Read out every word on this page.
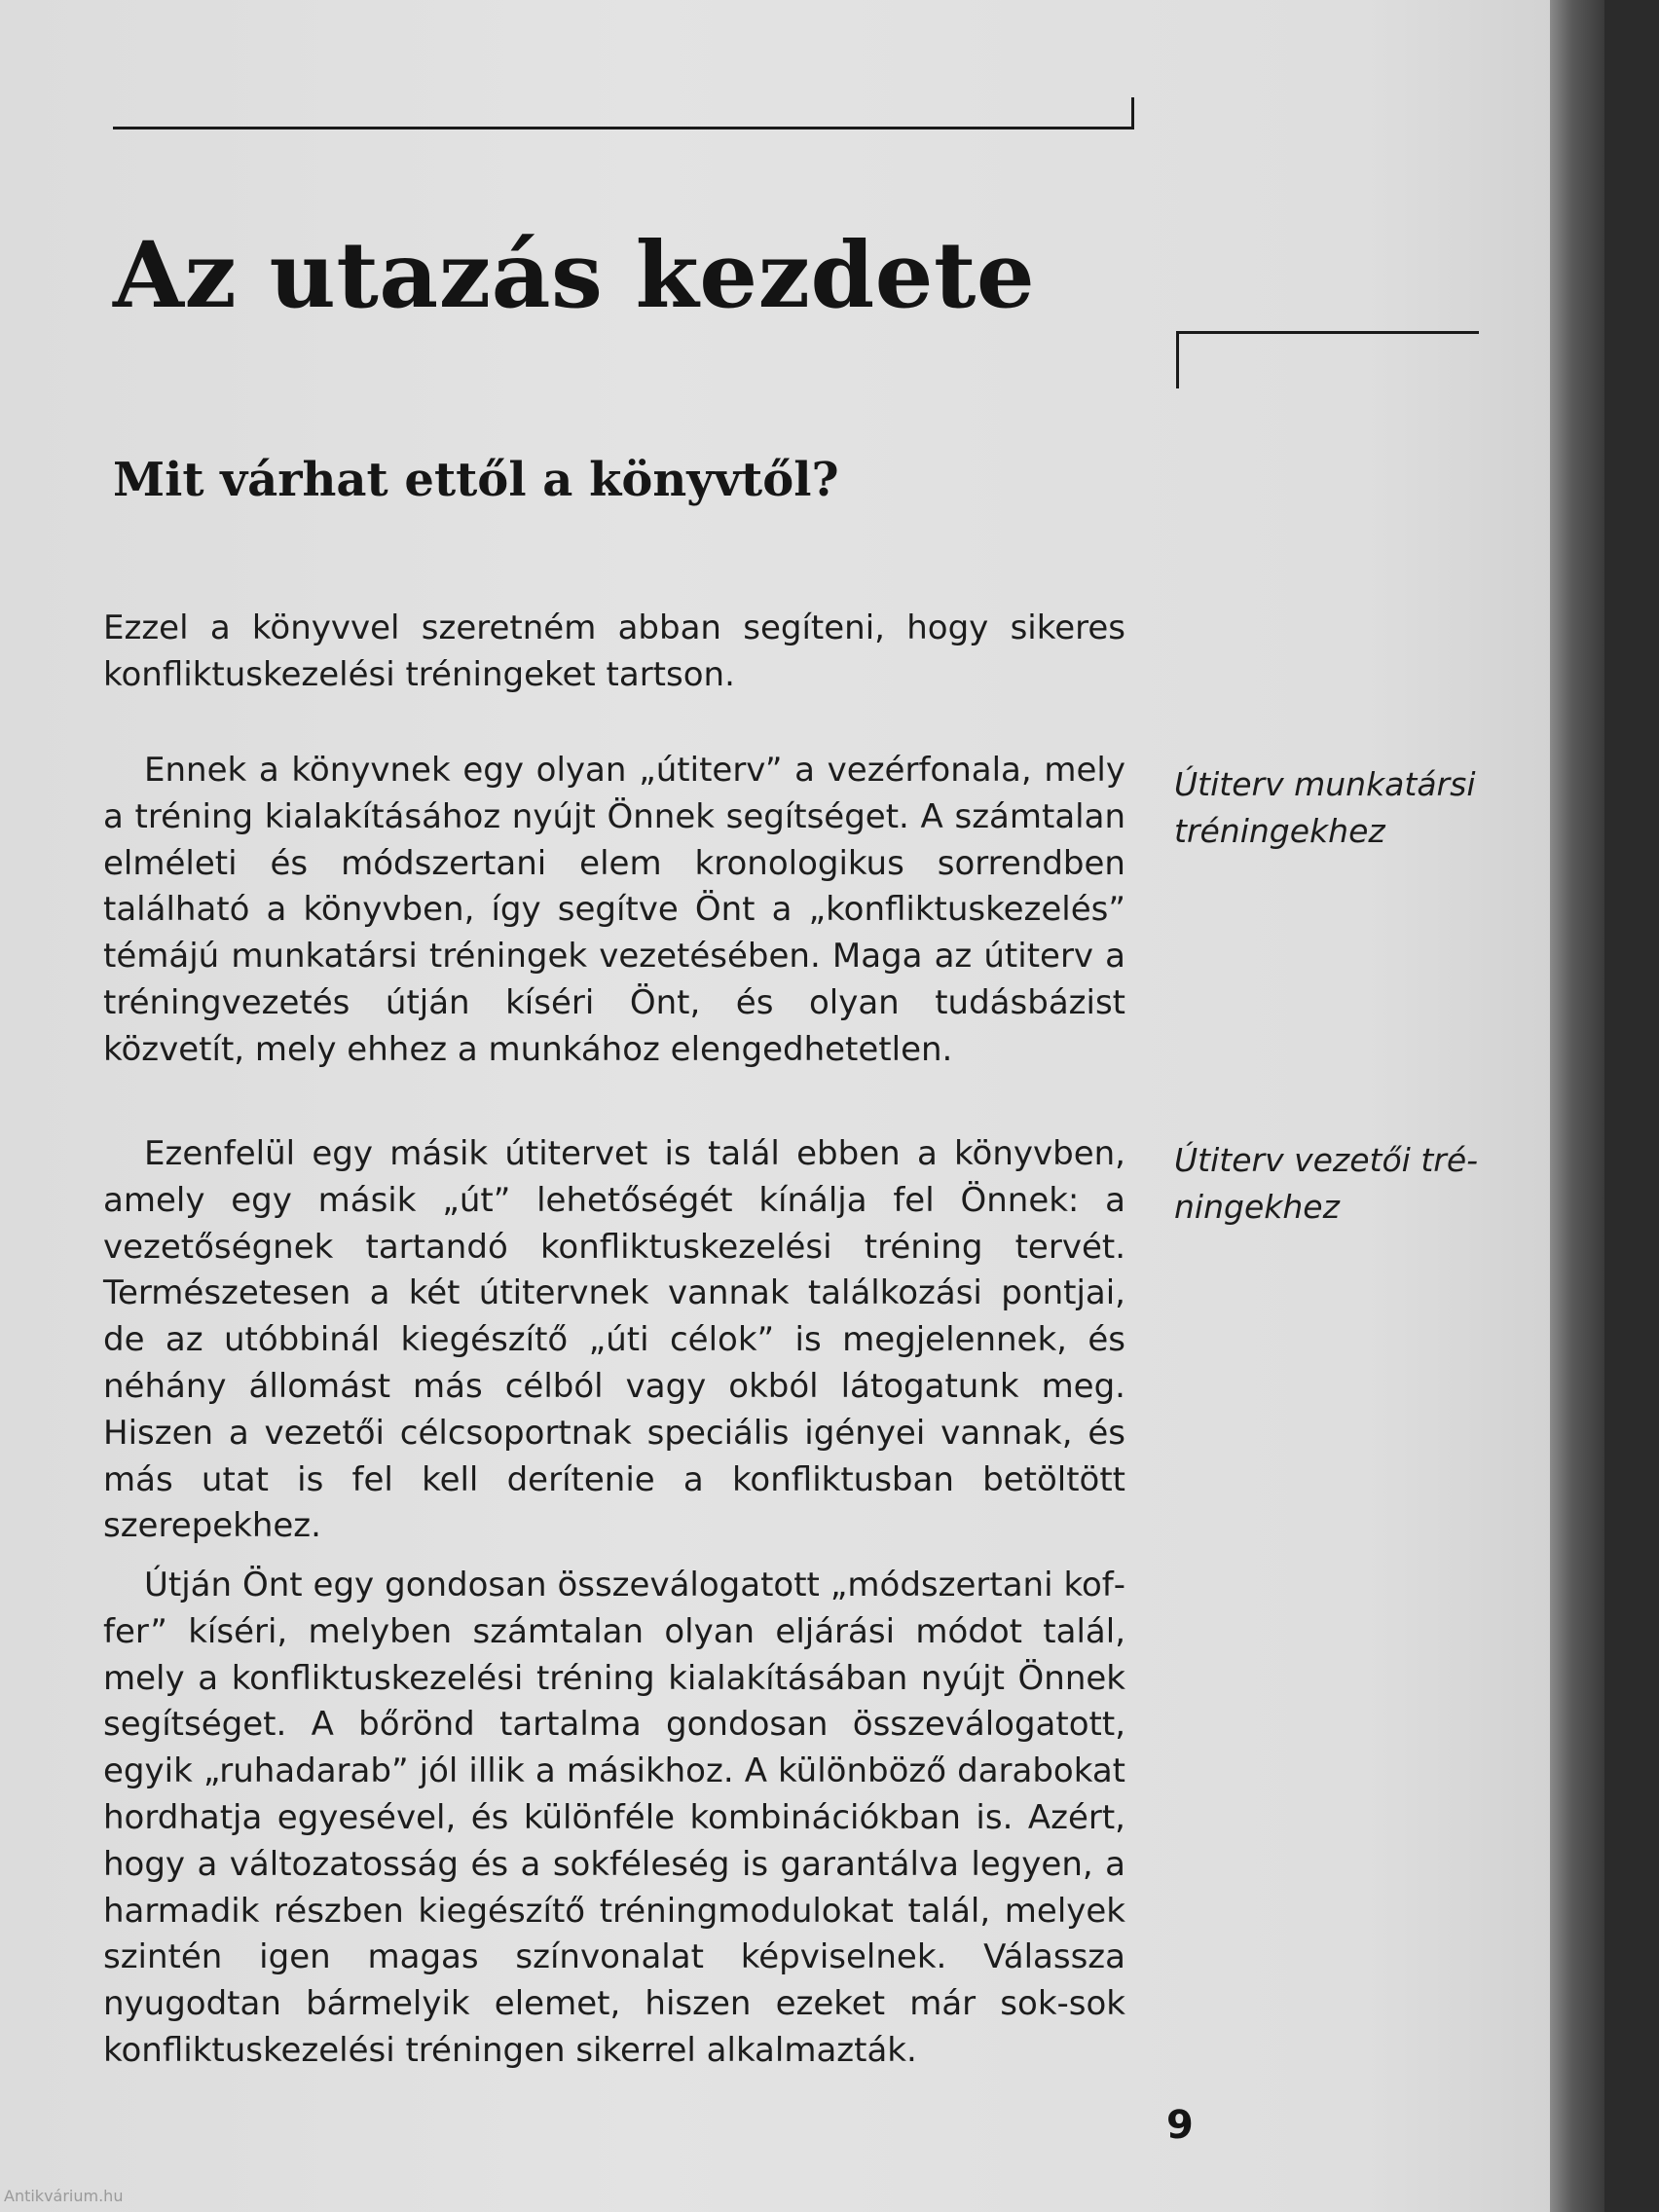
Az utazás kezdete
Mit várhat ettől a könyvtől?

Ezzel a könyvvel szeretném abban segíteni, hogy sikeres konfliktuskezelési tréningeket tartson.

Ennek a könyvnek egy olyan „útiterv” a vezérfonala, mely a tréning kialakításához nyújt Önnek segítséget. A számtalan elméleti és módszertani elem kronologikus sorrendben található a könyvben, így segítve Önt a „konfliktuskezelés” témájú munkatársi tréningek vezetésében. Maga az útiterv a tréningvezetés útján kíséri Önt, és olyan tudásbázist közvetít, mely ehhez a munkához elengedhetetlen.

Ezenfelül egy másik útitervet is talál ebben a könyvben, amely egy másik „út” lehetőségét kínálja fel Önnek: a vezetőségnek tartandó konfliktuskezelési tréning tervét. Természetesen a két útitervnek vannak találkozási pontjai, de az utóbbinál kiegészítő „úti célok” is megjelennek, és néhány állomást más célból vagy okból látogatunk meg. Hiszen a vezetői célcsoportnak speciális igényei vannak, és más utat is fel kell derítenie a konfliktusban betöltött szerepekhez.

Útján Önt egy gondosan összeválogatott „módszertani koffer” kíséri, melyben számtalan olyan eljárási módot talál, mely a konfliktuskezelési tréning kialakításában nyújt Önnek segítséget. A bőrönd tartalma gondosan összeválogatott, egyik „ruhadarab” jól illik a másikhoz. A különböző darabokat hordhatja egyesével, és különféle kombinációkban is. Azért, hogy a változatosság és a sokféleség is garantálva legyen, a harmadik részben kiegészítő tréningmodulokat talál, melyek szintén igen magas színvonalat képviselnek. Válassza nyugodtan bármelyik elemet, hiszen ezeket már sok-sok konfliktuskezelési tréningen sikerrel alkalmazták.

Útiterv munkatársi tréningekhez

Útiterv vezetői tréningekhez

9
Antikvárium.hu
